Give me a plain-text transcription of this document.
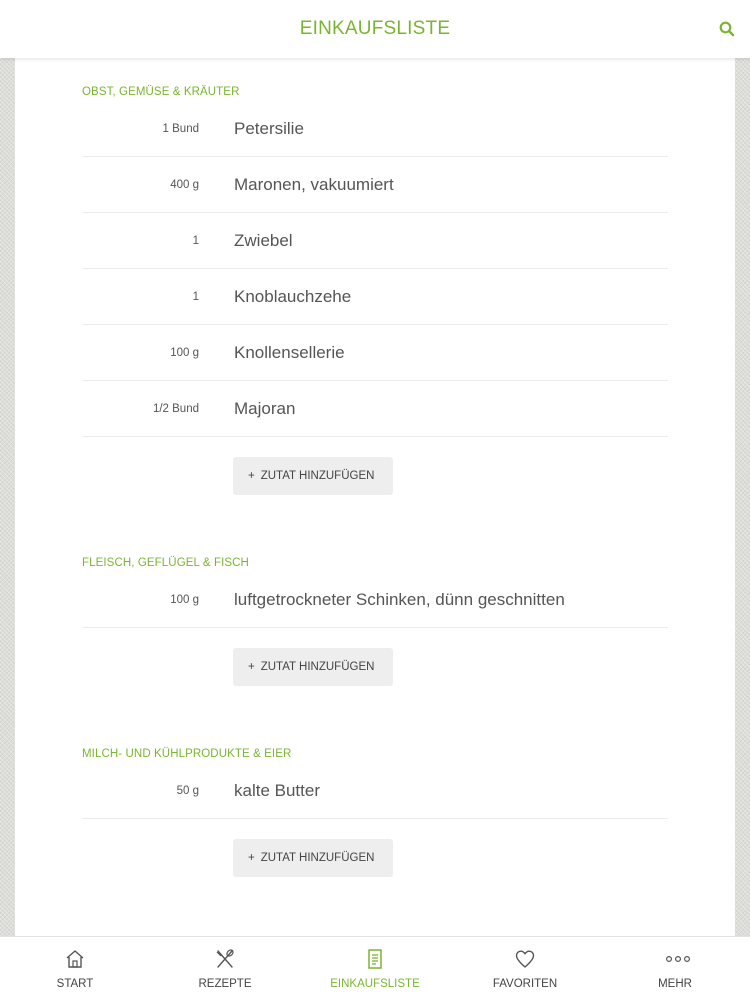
EINKAUFSLISTE
OBST, GEMÜSE & KRÄUTER
1 Bund Petersilie
400 g Maronen, vakuumiert
1 Zwiebel
1 Knoblauchzehe
100 g Knollensellerie
1/2 Bund Majoran
+ ZUTAT HINZUFÜGEN
FLEISCH, GEFLÜGEL & FISCH
100 g luftgetrockneter Schinken, dünn geschnitten
+ ZUTAT HINZUFÜGEN
MILCH- UND KÜHLPRODUKTE & EIER
50 g kalte Butter
+ ZUTAT HINZUFÜGEN
START	REZEPTE	EINKAUFSLISTE	FAVORITEN	MEHR
